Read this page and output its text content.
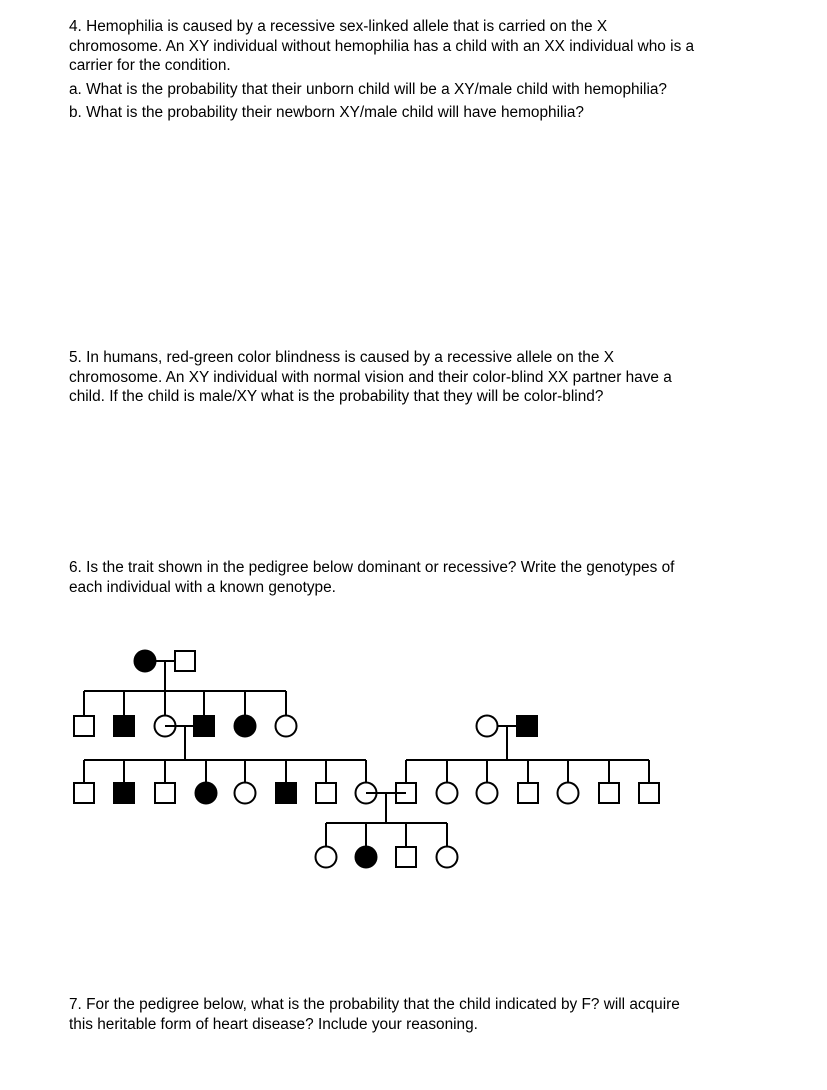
4. Hemophilia is caused by a recessive sex-linked allele that is carried on the X
chromosome. An XY individual without hemophilia has a child with an XX individual who is a
carrier for the condition.
a. What is the probability that their unborn child will be a XY/male child with hemophilia?
b. What is the probability their newborn XY/male child will have hemophilia?
5. In humans, red-green color blindness is caused by a recessive allele on the X
chromosome. An XY individual with normal vision and their color-blind XX partner have a
child. If the child is male/XY what is the probability that they will be color-blind?
6. Is the trait shown in the pedigree below dominant or recessive? Write the genotypes of
each individual with a known genotype.
7. For the pedigree below, what is the probability that the child indicated by F? will acquire
this heritable form of heart disease? Include your reasoning.
